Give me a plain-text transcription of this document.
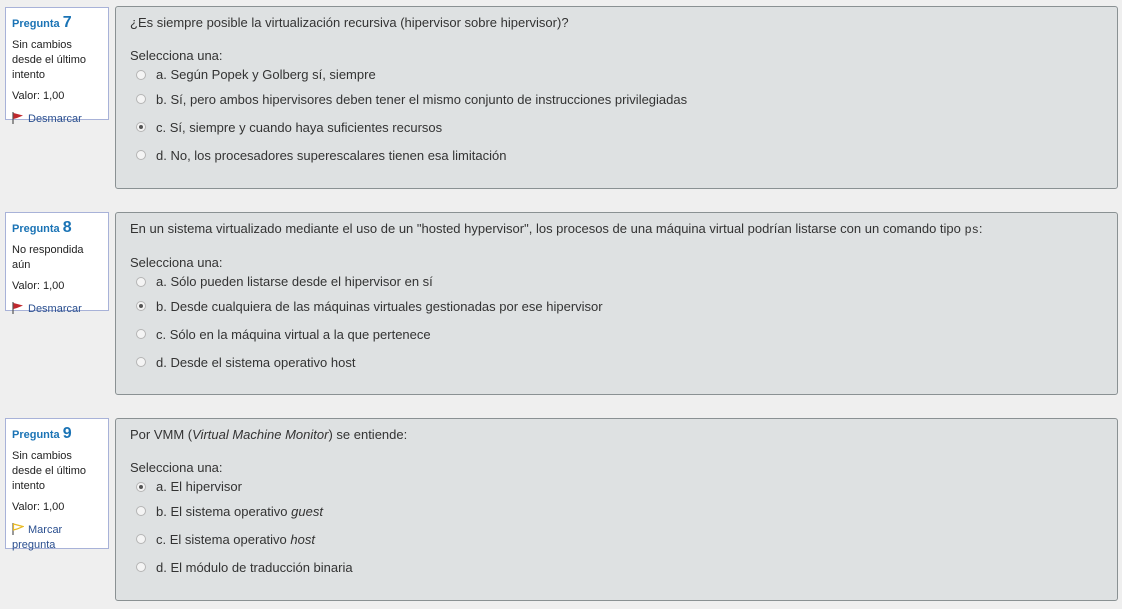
Pregunta 7
Sin cambios desde el último intento
Valor: 1,00
Desmarcar
¿Es siempre posible la virtualización recursiva (hipervisor sobre hipervisor)?
Selecciona una:
a. Según Popek y Golberg sí, siempre
b. Sí, pero ambos hipervisores deben tener el mismo conjunto de instrucciones privilegiadas
c. Sí, siempre y cuando haya suficientes recursos
d. No, los procesadores superescalares tienen esa limitación
Pregunta 8
No respondida aún
Valor: 1,00
Desmarcar
En un sistema virtualizado mediante el uso de un "hosted hypervisor", los procesos de una máquina virtual podrían listarse con un comando tipo ps:
Selecciona una:
a. Sólo pueden listarse desde el hipervisor en sí
b. Desde cualquiera de las máquinas virtuales gestionadas por ese hipervisor
c. Sólo en la máquina virtual a la que pertenece
d. Desde el sistema operativo host
Pregunta 9
Sin cambios desde el último intento
Valor: 1,00
Marcar pregunta
Por VMM (Virtual Machine Monitor) se entiende:
Selecciona una:
a. El hipervisor
b. El sistema operativo
guest
c. El sistema operativo
host
d. El módulo de traducción binaria
